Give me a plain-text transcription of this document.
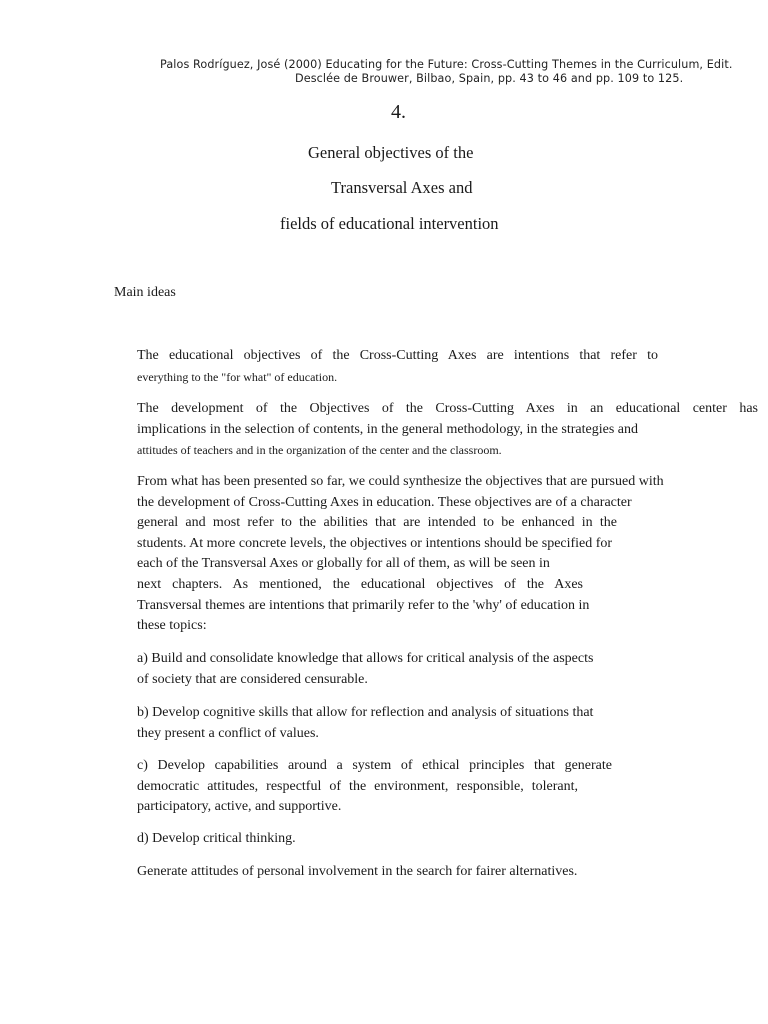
Palos Rodríguez, José (2000) Educating for the Future: Cross-Cutting Themes in the Curriculum, Edit.
Desclée de Brouwer, Bilbao, Spain, pp. 43 to 46 and pp. 109 to 125.
4.
General objectives of the
Transversal Axes and
fields of educational intervention
Main ideas
The educational objectives of the Cross-Cutting Axes are intentions that refer to
everything to the "for what" of education.
The development of the Objectives of the Cross-Cutting Axes in an educational center has
implications in the selection of contents, in the general methodology, in the strategies and
attitudes of teachers and in the organization of the center and the classroom.
From what has been presented so far, we could synthesize the objectives that are pursued with
the development of Cross-Cutting Axes in education. These objectives are of a character
general and most refer to the abilities that are intended to be enhanced in the
students. At more concrete levels, the objectives or intentions should be specified for
each of the Transversal Axes or globally for all of them, as will be seen in
next chapters. As mentioned, the educational objectives of the Axes
Transversal themes are intentions that primarily refer to the 'why' of education in
these topics:
a) Build and consolidate knowledge that allows for critical analysis of the aspects
of society that are considered censurable.
b) Develop cognitive skills that allow for reflection and analysis of situations that
they present a conflict of values.
c) Develop capabilities around a system of ethical principles that generate
democratic attitudes, respectful of the environment, responsible, tolerant,
participatory, active, and supportive.
d) Develop critical thinking.
Generate attitudes of personal involvement in the search for fairer alternatives.
